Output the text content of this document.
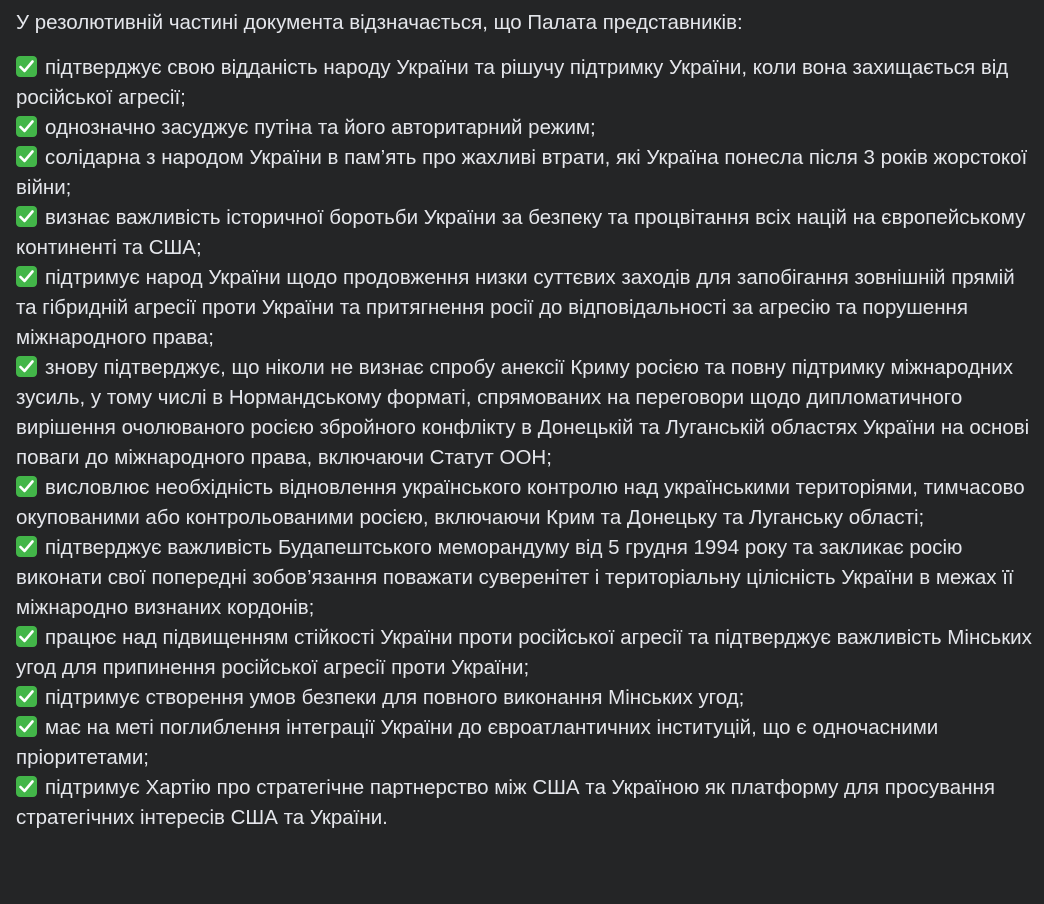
У резолютивній частині документа відзначається, що Палата представників:

підтверджує свою відданість народу України та рішучу підтримку України, коли вона захищається від російської агресії;

однозначно засуджує путіна та його авторитарний режим;

солідарна з народом України в пам’ять про жахливі втрати, які Україна понесла після 3 років жорстокої війни;

визнає важливість історичної боротьби України за безпеку та процвітання всіх націй на європейському континенті та США;

підтримує народ України щодо продовження низки суттєвих заходів для запобігання зовнішній прямій та гібридній агресії проти України та притягнення росії до відповідальності за агресію та порушення міжнародного права;

знову підтверджує, що ніколи не визнає спробу анексії Криму росією та повну підтримку міжнародних зусиль, у тому числі в Нормандському форматі, спрямованих на переговори щодо дипломатичного вирішення очолюваного росією збройного конфлікту в Донецькій та Луганській областях України на основі поваги до міжнародного права, включаючи Статут ООН;

висловлює необхідність відновлення українського контролю над українськими територіями, тимчасово окупованими або контрольованими росією, включаючи Крим та Донецьку та Луганську області;

підтверджує важливість Будапештського меморандуму від 5 грудня 1994 року та закликає росію виконати свої попередні зобов’язання поважати суверенітет і територіальну цілісність України в межах її міжнародно визнаних кордонів;

працює над підвищенням стійкості України проти російської агресії та підтверджує важливість Мінських угод для припинення російської агресії проти України;

підтримує створення умов безпеки для повного виконання Мінських угод;

має на меті поглиблення інтеграції України до євроатлантичних інституцій, що є одночасними пріоритетами;

підтримує Хартію про стратегічне партнерство між США та Україною як платформу для просування стратегічних інтересів США та України.
